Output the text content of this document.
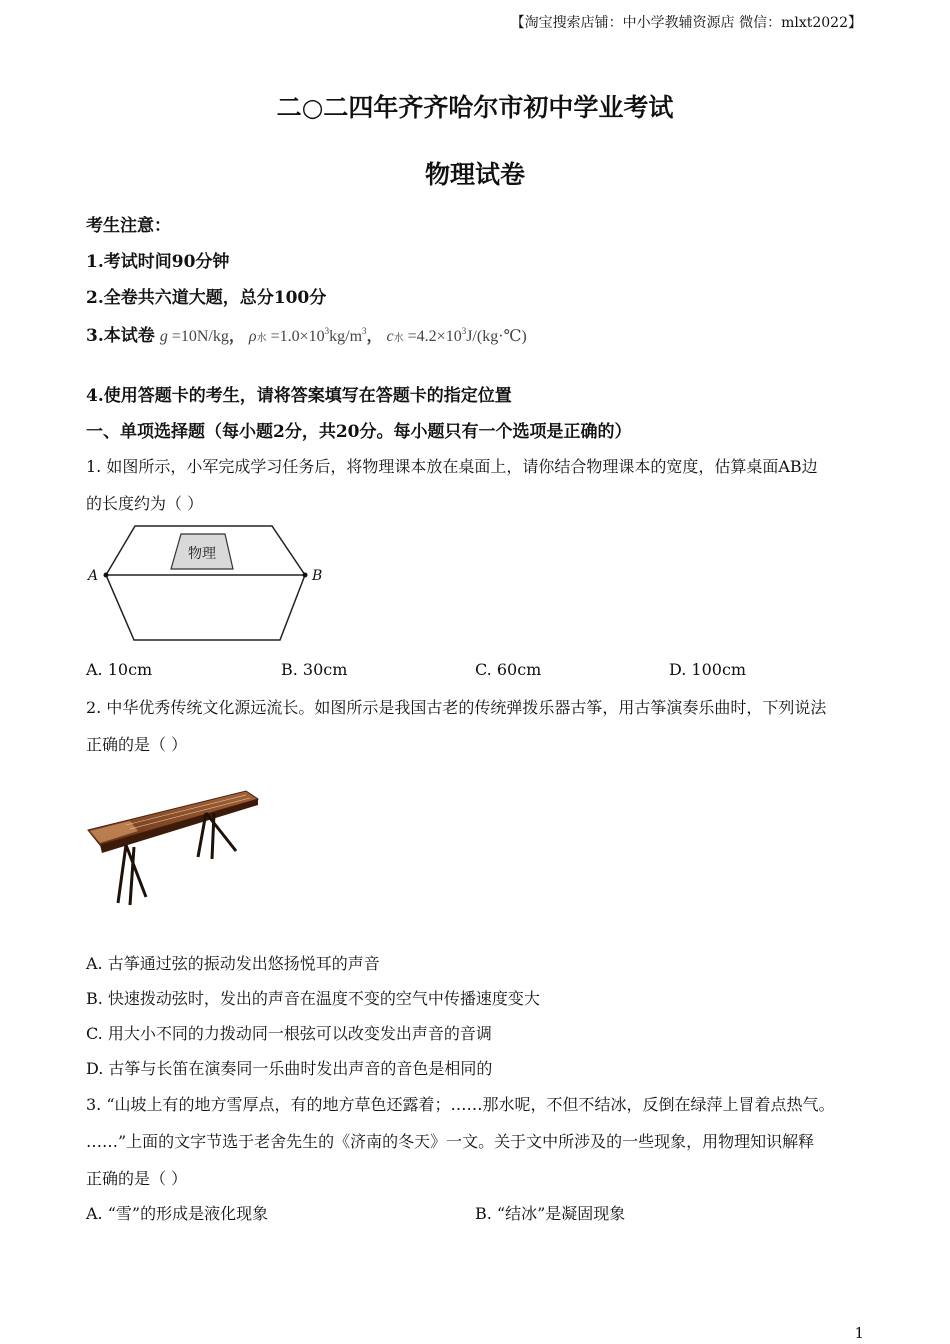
【淘宝搜索店铺：中小学教辅资源店 微信：mlxt2022】
二○二四年齐齐哈尔市初中学业考试
物理试卷
考生注意：
1.考试时间90分钟
2.全卷共六道大题，总分100分
3.本试卷 g =10N/kg， ρ水 $=1.0\times 10^3kg/m^3$， c水 $=4.2\times 10^3J/(kg\cdot℃)$
4.使用答题卡的考生，请将答案填写在答题卡的指定位置
一、单项选择题（每小题2分，共20分。每小题只有一个选项是正确的）
1. 如图所示，小军完成学习任务后，将物理课本放在桌面上，请你结合物理课本的宽度，估算桌面AB边
的长度约为（ ）
物理
A	B
A. 10cm	B. 30cm	C. 60cm	D. 100cm
2. 中华优秀传统文化源远流长。如图所示是我国古老的传统弹拨乐器古筝，用古筝演奏乐曲时，下列说法
正确的是（ ）
A. 古筝通过弦的振动发出悠扬悦耳的声音
B. 快速拨动弦时，发出的声音在温度不变的空气中传播速度变大
C. 用大小不同的力拨动同一根弦可以改变发出声音的音调
D. 古筝与长笛在演奏同一乐曲时发出声音的音色是相同的
3. “山坡上有的地方雪厚点，有的地方草色还露着；……那水呢，不但不结冰，反倒在绿萍上冒着点热气。
……”上面的文字节选于老舍先生的《济南的冬天》一文。关于文中所涉及的一些现象，用物理知识解释
正确的是（ ）
A. “雪”的形成是液化现象	B. “结冰”是凝固现象
1
